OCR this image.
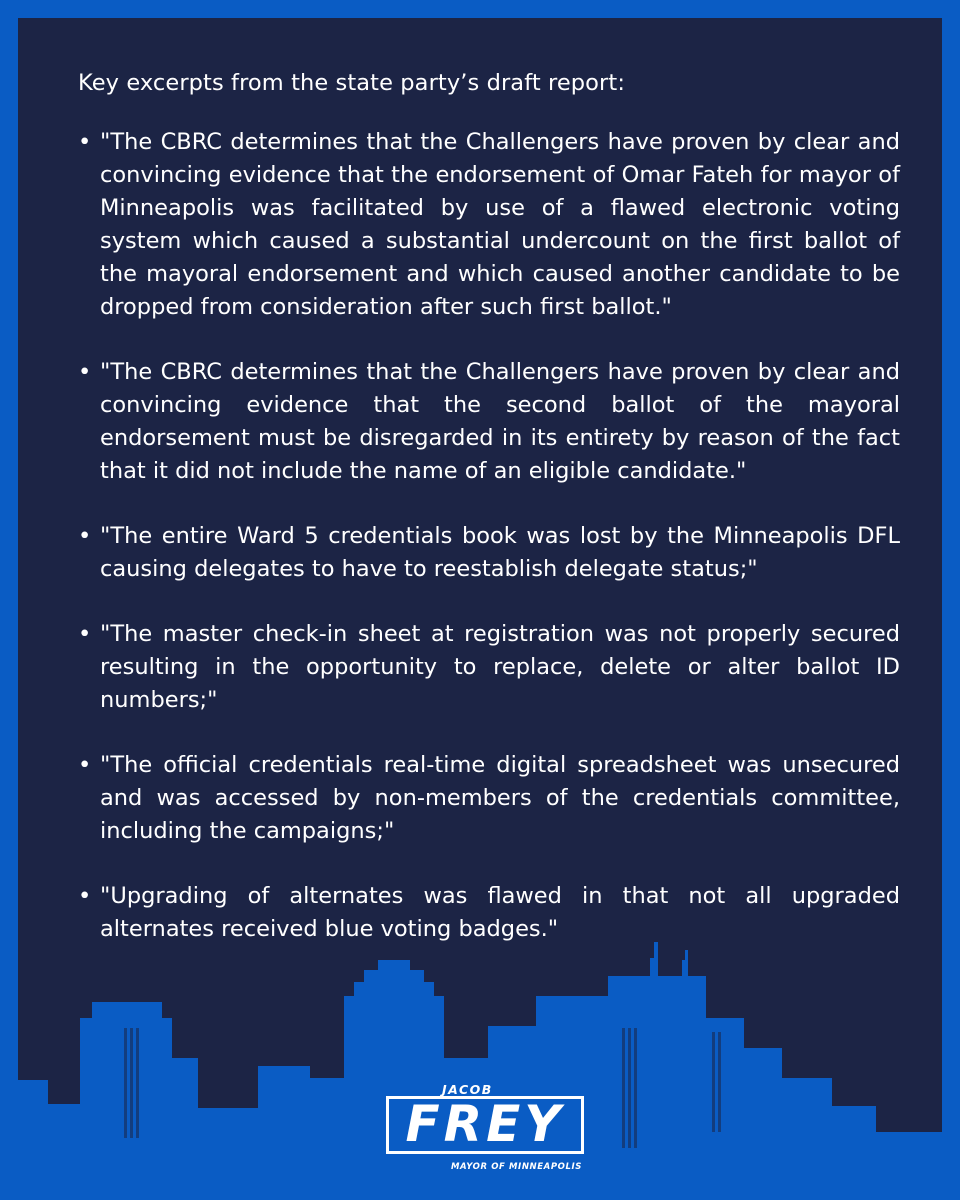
Key excerpts from the state party’s draft report:

• "The CBRC determines that the Challengers have proven by clear and convincing evidence that the endorsement of Omar Fateh for mayor of Minneapolis was facilitated by use of a flawed electronic voting system which caused a substantial undercount on the first ballot of the mayoral endorsement and which caused another candidate to be dropped from consideration after such first ballot."
• "The CBRC determines that the Challengers have proven by clear and convincing evidence that the second ballot of the mayoral endorsement must be disregarded in its entirety by reason of the fact that it did not include the name of an eligible candidate."
• "The entire Ward 5 credentials book was lost by the Minneapolis DFL causing delegates to have to reestablish delegate status;"
• "The master check-in sheet at registration was not properly secured resulting in the opportunity to replace, delete or alter ballot ID numbers;"
• "The official credentials real-time digital spreadsheet was unsecured and was accessed by non-members of the credentials committee, including the campaigns;"
• "Upgrading of alternates was flawed in that not all upgraded alternates received blue voting badges."
JACOB
FREY
MAYOR OF MINNEAPOLIS
